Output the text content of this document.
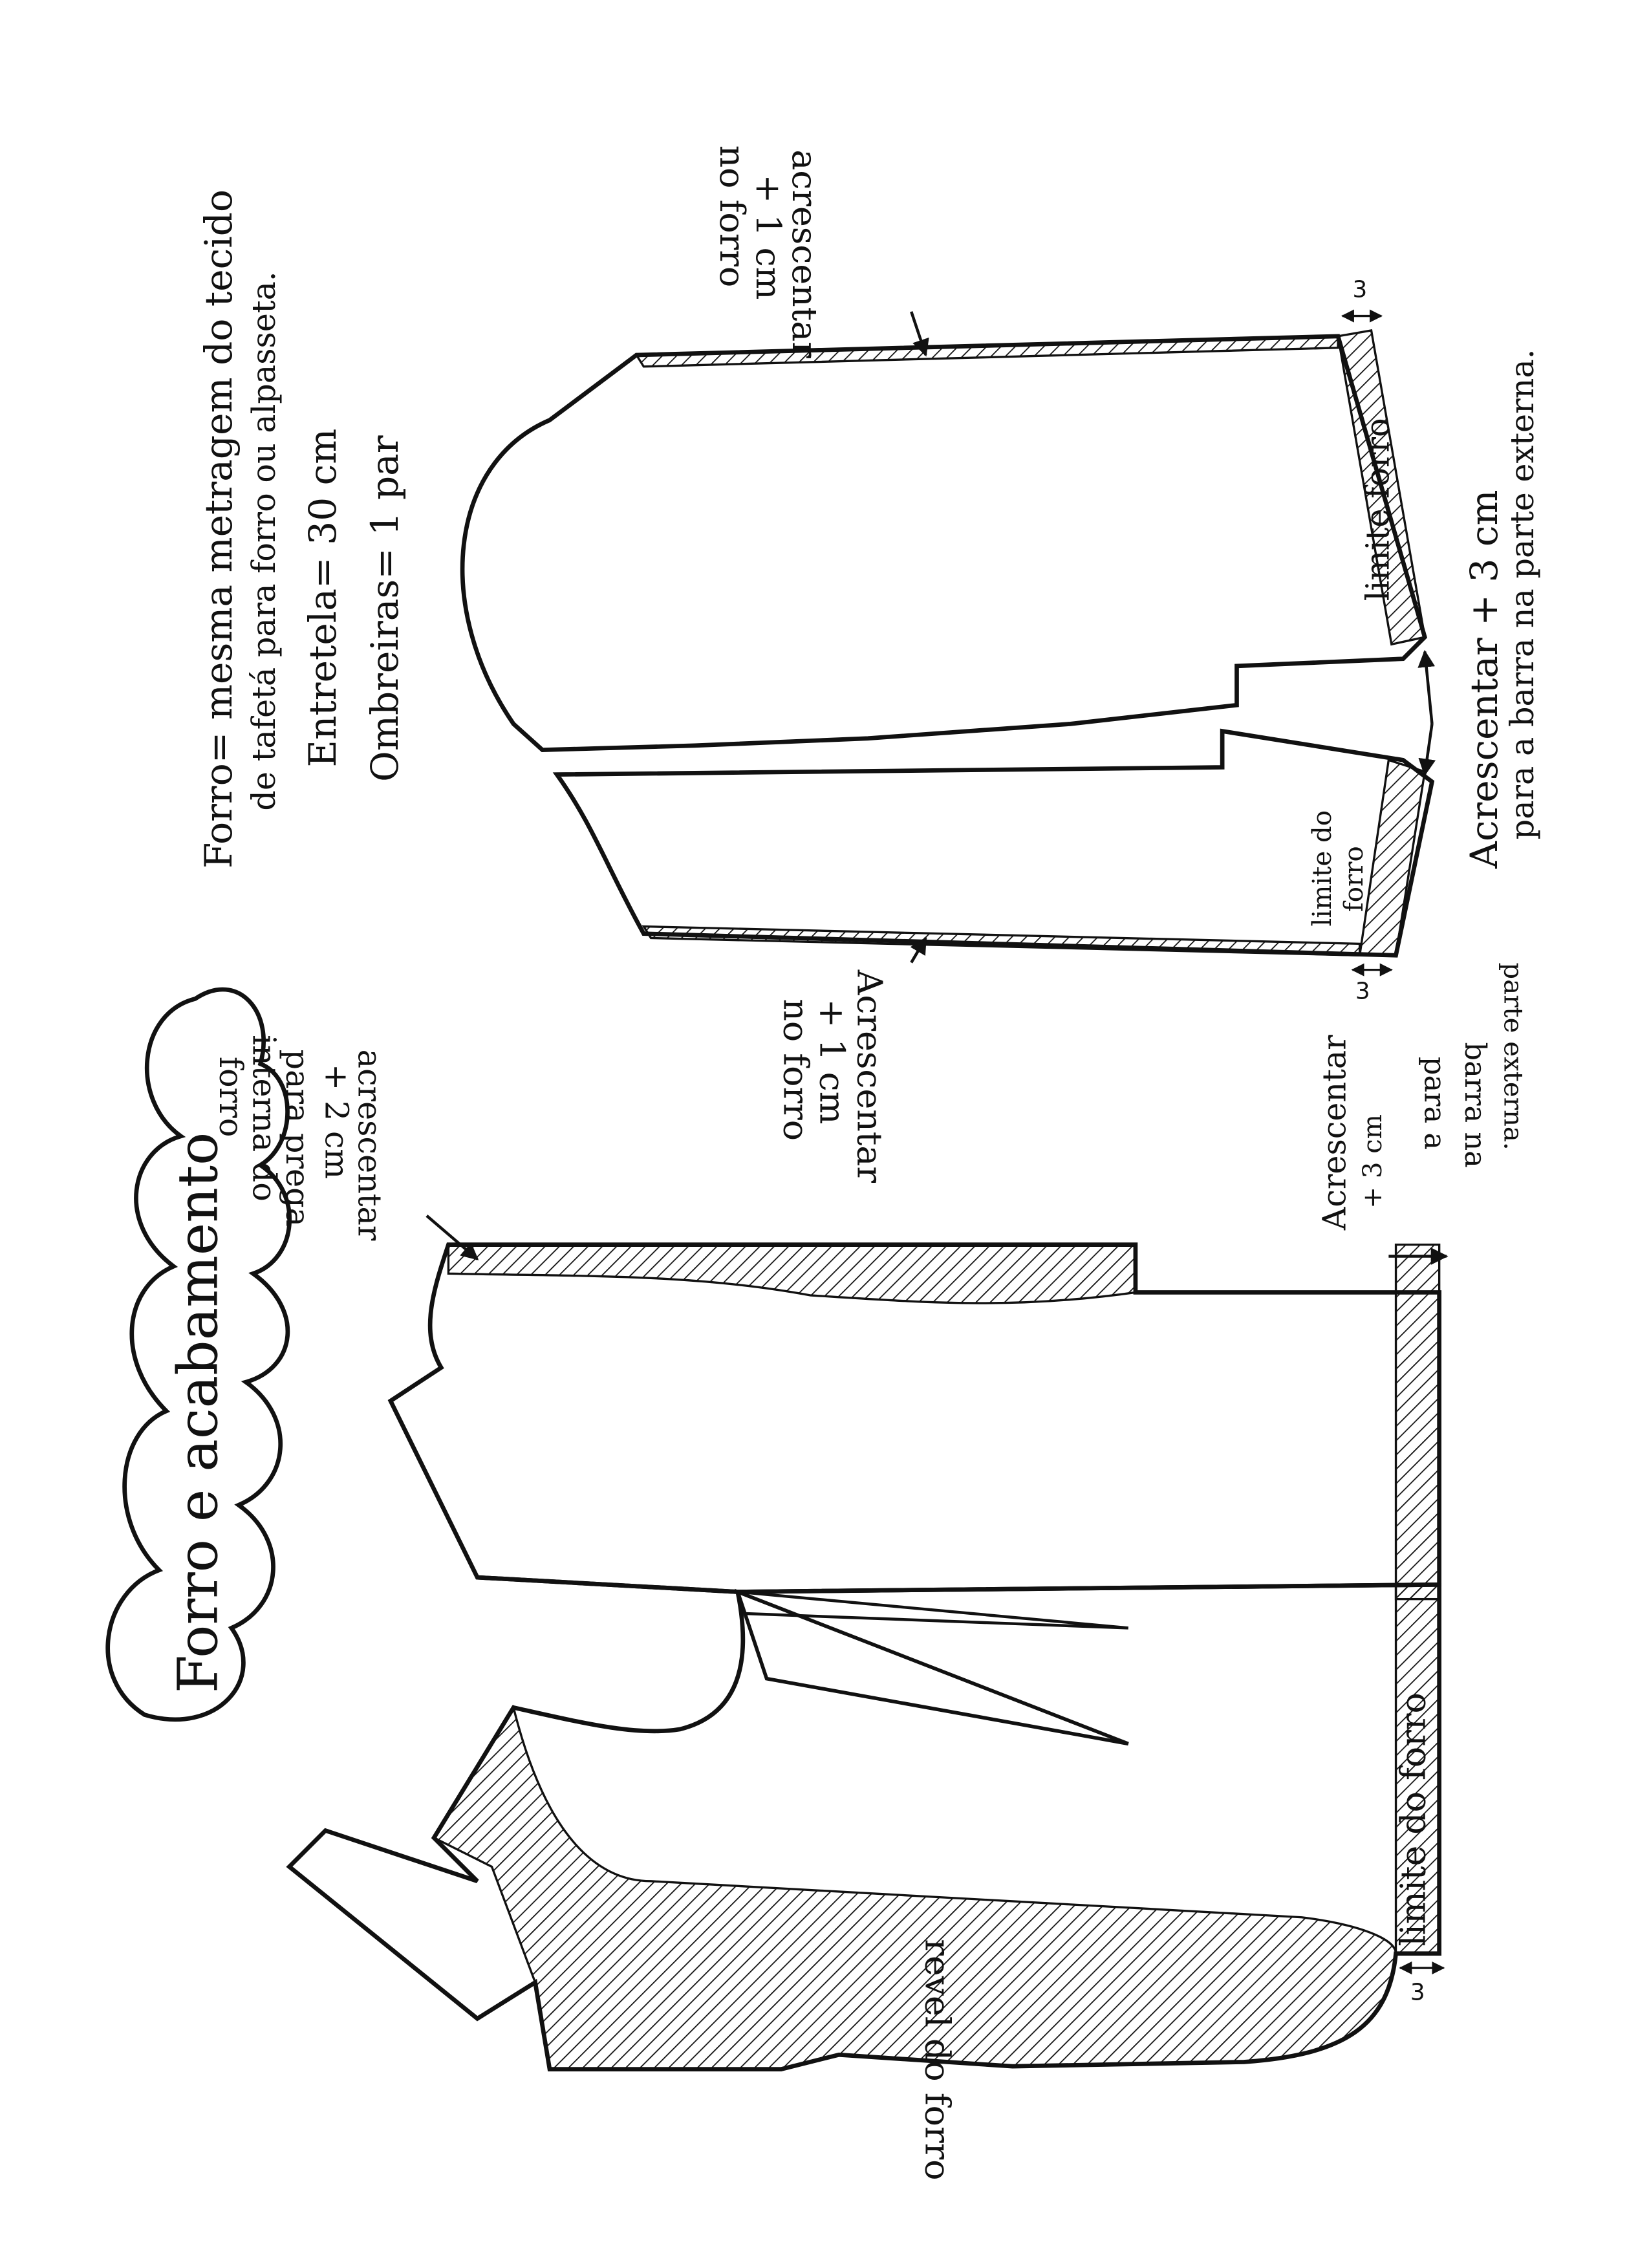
Forro e acabamento
Forro= mesma metragem do tecido de tafetá para forro ou alpasseta. Entretela= 30 cm Ombreiras= 1 par
acrescentar
+ 1 cm
no forro
Acrescentar
+ 1 cm
no forro
limite forro
limite do forro
Acrescentar + 3 cm
para a barra na parte externa.
3
3
acrescentar
+ 2 cm
para prega
interna do
forro	Acrescentar + 3 cm
para a barra na parte externa.
limite do forro
revel do forro	3
